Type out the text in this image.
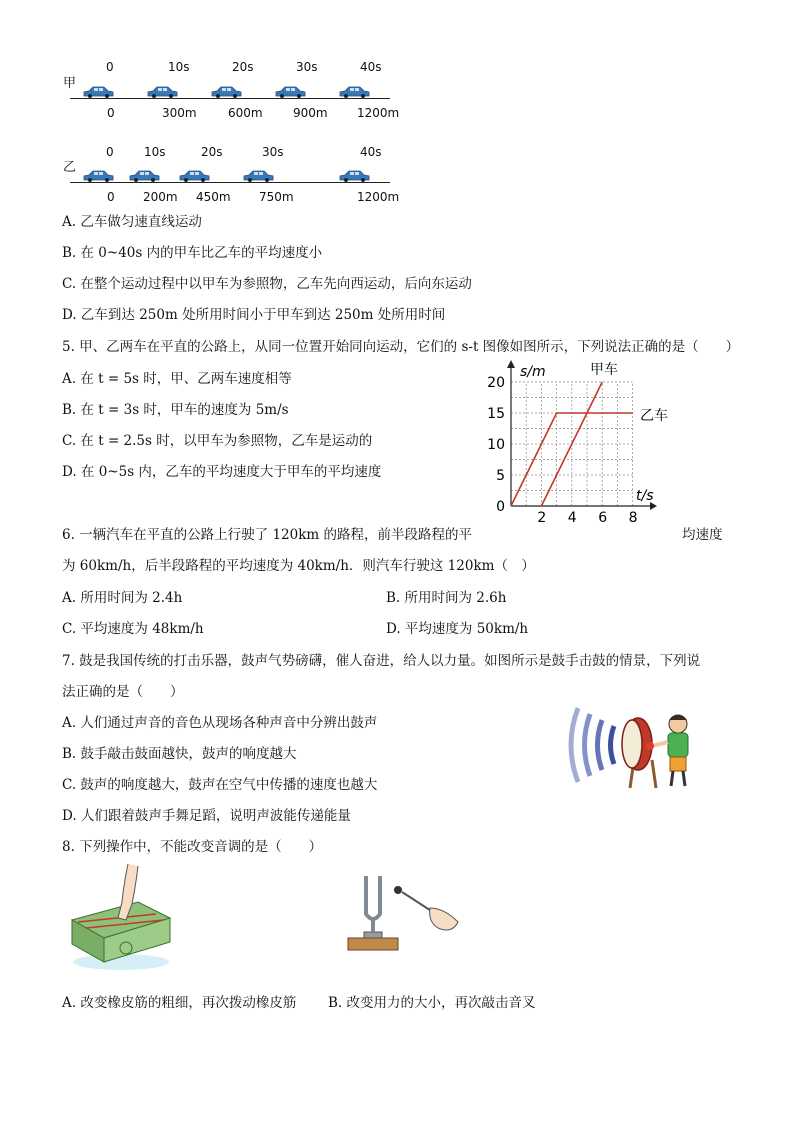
甲
0	10s	20s	30s	40s
0	300m	600m	900m 1200m
乙
0	10s	20s	30s	40s
0 200m 450m 750m	1200m
A. 乙车做匀速直线运动
B. 在 0~40s 内的甲车比乙车的平均速度小
C. 在整个运动过程中以甲车为参照物，乙车先向西运动，后向东运动
D. 乙车到达 250m 处所用时间小于甲车到达 250m 处所用时间
5. 甲、乙两车在平直的公路上，从同一位置开始同向运动，它们的 s-t 图像如图所示，下列说法正确的是（　　）
A. 在 t = 5s 时，甲、乙两车速度相等
B. 在 t = 3s 时，甲车的速度为 5m/s
C. 在 t = 2.5s 时，以甲车为参照物，乙车是运动的
D. 在 0~5s 内，乙车的平均速度大于甲车的平均速度
2 4 6 8
0
5
10
15
20
s/m
t/s
甲车
乙车
6. 一辆汽车在平直的公路上行驶了 120km 的路程，前半段路程的平	均速度
为 60km/h，后半段路程的平均速度为 40km/h．则汽车行驶这 120km（　）
A. 所用时间为 2.4h	B. 所用时间为 2.6h
C. 平均速度为 48km/h	D. 平均速度为 50km/h
7. 鼓是我国传统的打击乐器，鼓声气势磅礴，催人奋进，给人以力量。如图所示是鼓手击鼓的情景，下列说
法正确的是（　　）
A. 人们通过声音的音色从现场各种声音中分辨出鼓声
B. 鼓手敲击鼓面越快，鼓声的响度越大
C. 鼓声的响度越大，鼓声在空气中传播的速度也越大
D. 人们跟着鼓声手舞足蹈，说明声波能传递能量
8. 下列操作中，不能改变音调的是（　　）
A. 改变橡皮筋的粗细，再次拨动橡皮筋 B. 改变用力的大小，再次敲击音叉
